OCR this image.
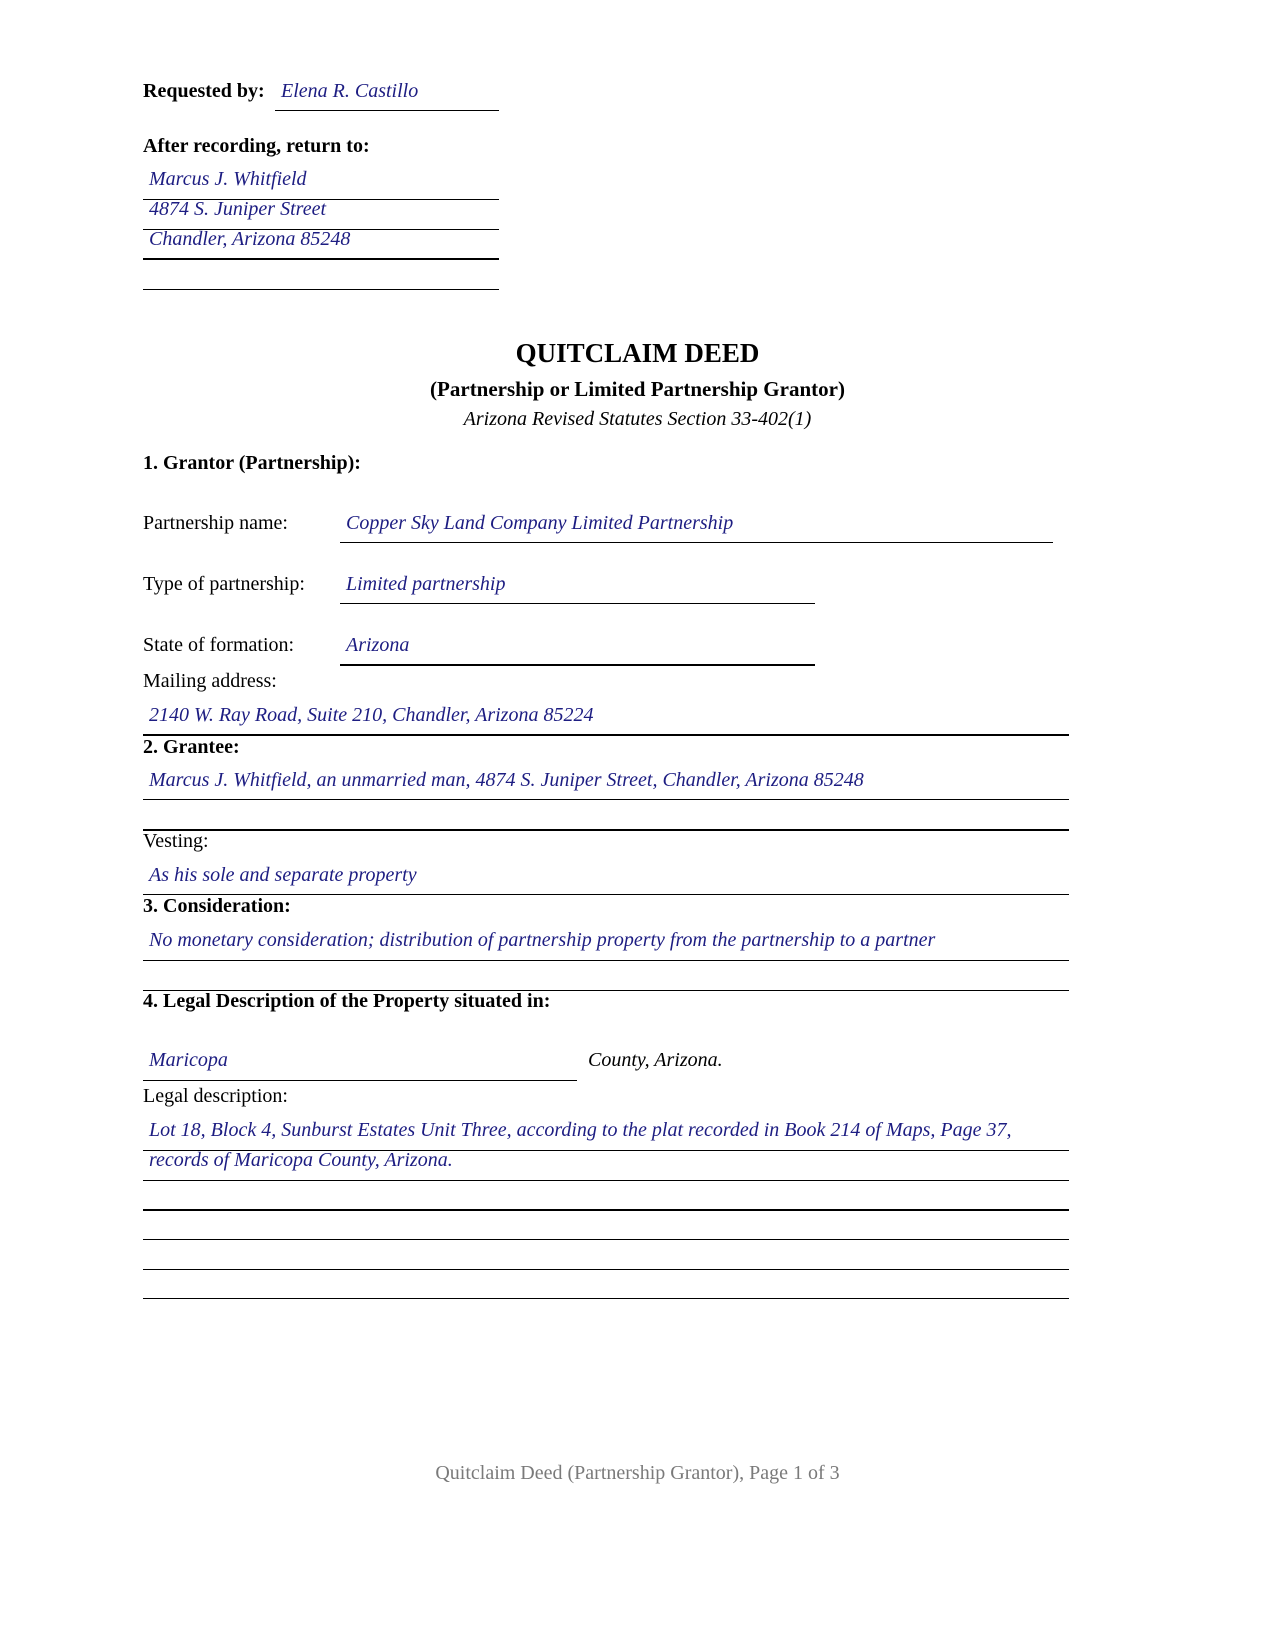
Requested by: Elena R. Castillo
After recording, return to:
Marcus J. Whitfield
4874 S. Juniper Street
Chandler, Arizona 85248
QUITCLAIM DEED
(Partnership or Limited Partnership Grantor)
Arizona Revised Statutes Section 33-402(1)
1. Grantor (Partnership):
Partnership name:	Copper Sky Land Company Limited Partnership
Type of partnership:	Limited partnership
State of formation:	Arizona
Mailing address:
2140 W. Ray Road, Suite 210, Chandler, Arizona 85224
2. Grantee:
Marcus J. Whitfield, an unmarried man, 4874 S. Juniper Street, Chandler, Arizona 85248
Vesting:
As his sole and separate property
3. Consideration:
No monetary consideration; distribution of partnership property from the partnership to a partner
4. Legal Description of the Property situated in:
Maricopa	County, Arizona.
Legal description:
Lot 18, Block 4, Sunburst Estates Unit Three, according to the plat recorded in Book 214 of Maps, Page 37,
records of Maricopa County, Arizona.
Quitclaim Deed (Partnership Grantor), Page 1 of 3
